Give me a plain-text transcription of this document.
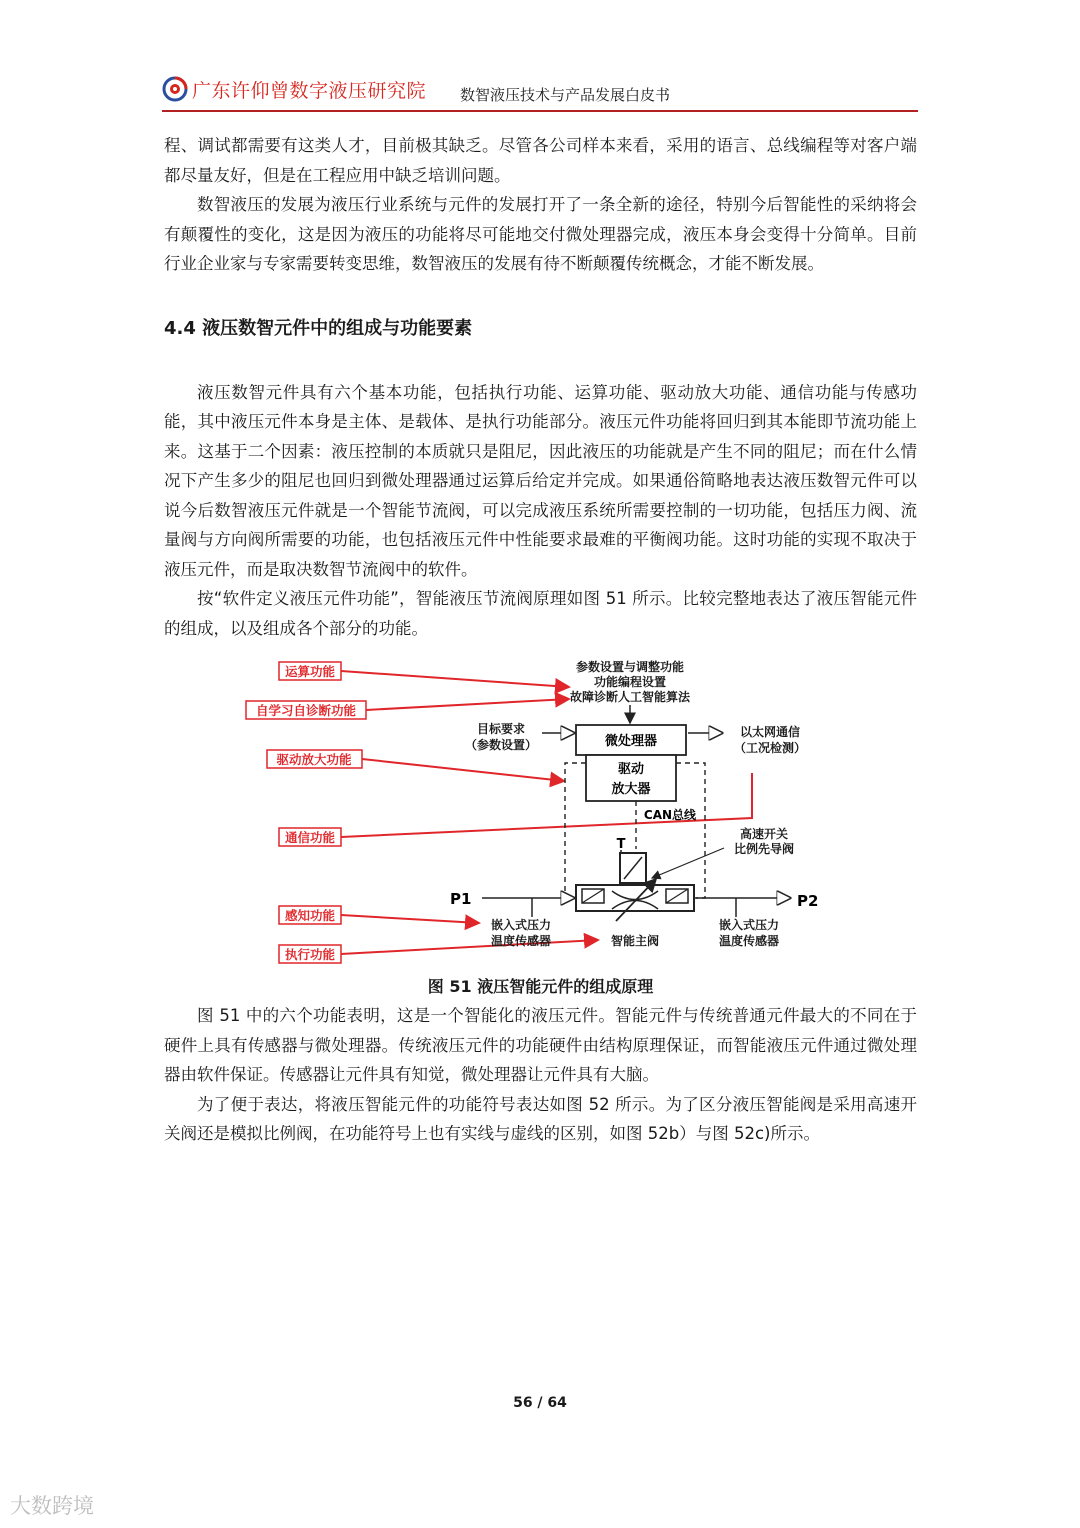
广东许仰曾数字液压研究院 数智液压技术与产品发展白皮书

程、调试都需要有这类人才，目前极其缺乏。尽管各公司样本来看，采用的语言、总线编程等对客户端都尽量友好，但是在工程应用中缺乏培训问题。

数智液压的发展为液压行业系统与元件的发展打开了一条全新的途径，特别今后智能性的采纳将会有颠覆性的变化，这是因为液压的功能将尽可能地交付微处理器完成，液压本身会变得十分简单。目前行业企业家与专家需要转变思维，数智液压的发展有待不断颠覆传统概念，才能不断发展。

4.4 液压数智元件中的组成与功能要素

液压数智元件具有六个基本功能，包括执行功能、运算功能、驱动放大功能、通信功能与传感功能，其中液压元件本身是主体、是载体、是执行功能部分。液压元件功能将回归到其本能即节流功能上来。这基于二个因素：液压控制的本质就只是阻尼，因此液压的功能就是产生不同的阻尼；而在什么情况下产生多少的阻尼也回归到微处理器通过运算后给定并完成。如果通俗简略地表达液压数智元件可以说今后数智液压元件就是一个智能节流阀，可以完成液压系统所需要控制的一切功能，包括压力阀、流量阀与方向阀所需要的功能，也包括液压元件中性能要求最难的平衡阀功能。这时功能的实现不取决于液压元件，而是取决数智节流阀中的软件。

按“软件定义液压元件功能”，智能液压节流阀原理如图 51 所示。比较完整地表达了液压智能元件的组成，以及组成各个部分的功能。

运算功能
自学习自诊断功能
驱动放大功能
通信功能
感知功能
执行功能
参数设置与调整功能
功能编程设置
故障诊断人工智能算法
微处理器
目标要求
（参数设置）
以太网通信
（工况检测）
驱动
放大器
CAN总线
T
高速开关
比例先导阀
P1	P2
嵌入式压力
温度传感器
嵌入式压力
温度传感器
智能主阀
图 51 液压智能元件的组成原理

图 51 中的六个功能表明，这是一个智能化的液压元件。智能元件与传统普通元件最大的不同在于硬件上具有传感器与微处理器。传统液压元件的功能硬件由结构原理保证，而智能液压元件通过微处理器由软件保证。传感器让元件具有知觉，微处理器让元件具有大脑。

为了便于表达，将液压智能元件的功能符号表达如图 52 所示。为了区分液压智能阀是采用高速开关阀还是模拟比例阀，在功能符号上也有实线与虚线的区别，如图 52b）与图 52c)所示。

56 / 64
大数跨境
